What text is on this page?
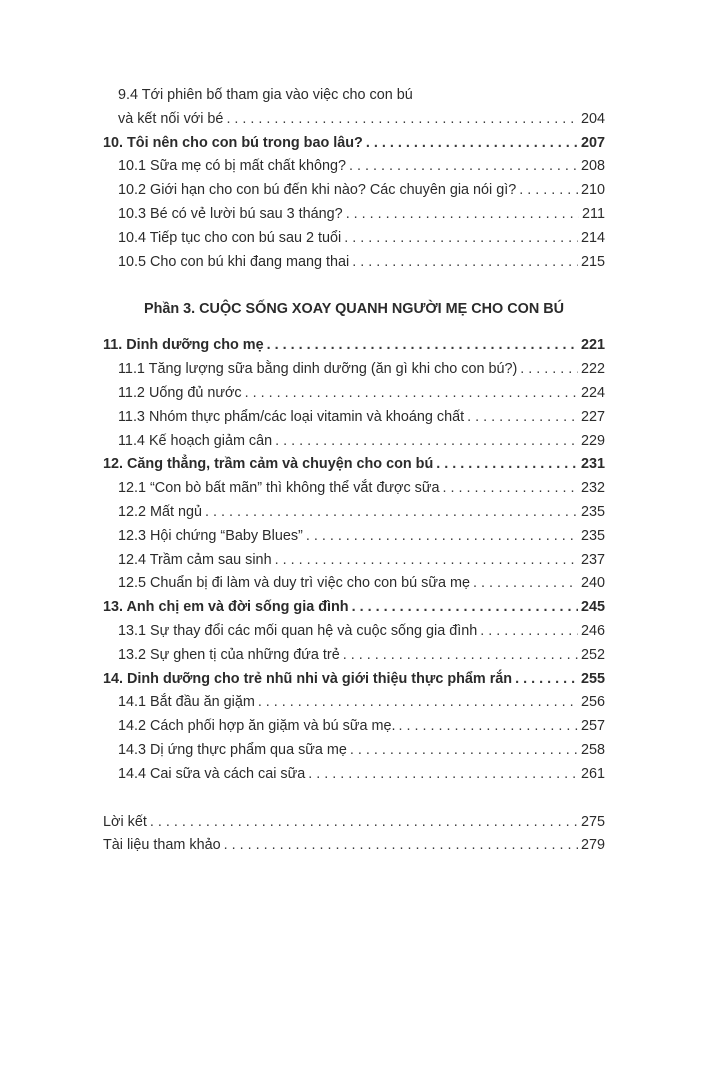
9.4 Tới phiên bố tham gia vào việc cho con bú
và kết nối với bé . . .	204
10. Tôi nên cho con bú trong bao lâu? . . .	207
10.1 Sữa mẹ có bị mất chất không? . . .	208
10.2 Giới hạn cho con bú đến khi nào? Các chuyên gia nói gì? . . .	210
10.3 Bé có vẻ lười bú sau 3 tháng? . . .	211
10.4 Tiếp tục cho con bú sau 2 tuổi . . .	214
10.5 Cho con bú khi đang mang thai . . .	215
Phần 3. CUỘC SỐNG XOAY QUANH NGƯỜI MẸ CHO CON BÚ
11. Dinh dưỡng cho mẹ . . .	221
11.1 Tăng lượng sữa bằng dinh dưỡng (ăn gì khi cho con bú?) . . .	222
11.2 Uống đủ nước . . .	224
11.3 Nhóm thực phẩm/các loại vitamin và khoáng chất . . .	227
11.4 Kế hoạch giảm cân . . .	229
12. Căng thẳng, trầm cảm và chuyện cho con bú . . .	231
12.1 “Con bò bất mãn” thì không thể vắt được sữa . . .	232
12.2 Mất ngủ . . .	235
12.3 Hội chứng “Baby Blues” . . .	235
12.4 Trầm cảm sau sinh . . .	237
12.5 Chuẩn bị đi làm và duy trì việc cho con bú sữa mẹ . . .	240
13. Anh chị em và đời sống gia đình . . .	245
13.1 Sự thay đổi các mối quan hệ và cuộc sống gia đình . . .	246
13.2 Sự ghen tị của những đứa trẻ . . .	252
14. Dinh dưỡng cho trẻ nhũ nhi và giới thiệu thực phẩm rắn . . .	255
14.1 Bắt đầu ăn giặm . . .	256
14.2 Cách phối hợp ăn giặm và bú sữa mẹ. . . .	257
14.3 Dị ứng thực phẩm qua sữa mẹ . . .	258
14.4 Cai sữa và cách cai sữa . . .	261
Lời kết . . .	275
Tài liệu tham khảo . . .	279
